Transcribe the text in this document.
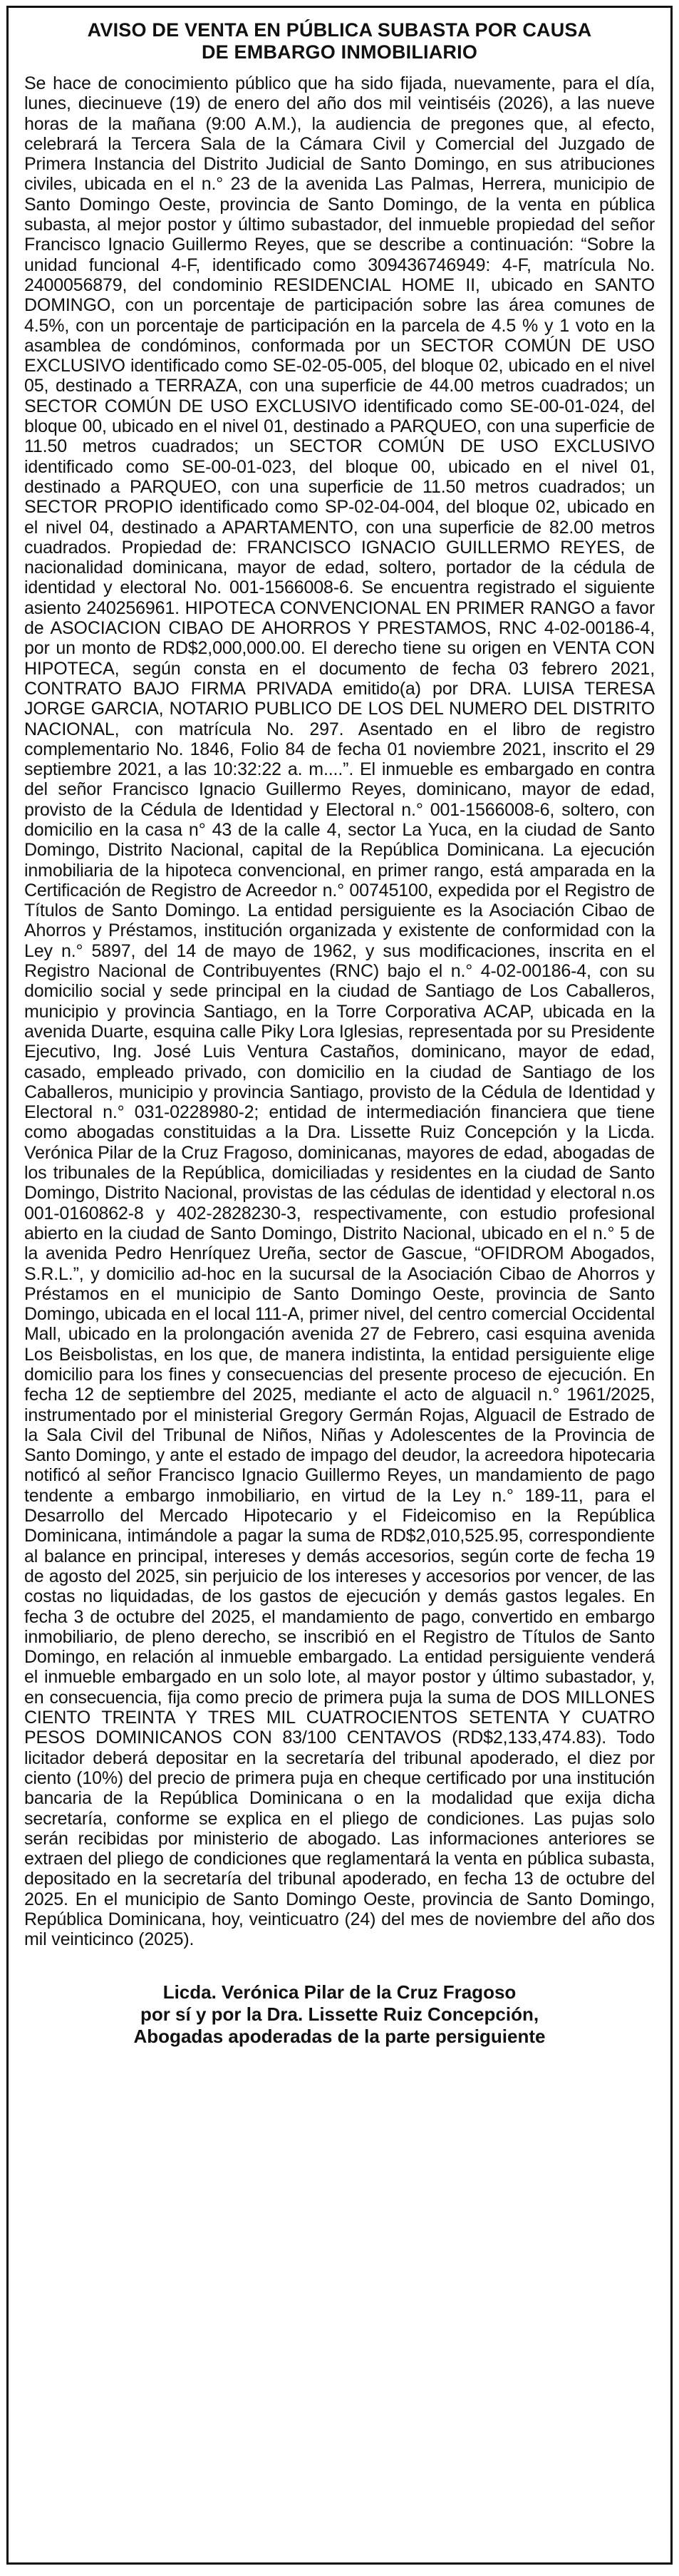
AVISO DE VENTA EN PÚBLICA SUBASTA POR CAUSA
DE EMBARGO INMOBILIARIO

Se hace de conocimiento público que ha sido fijada, nuevamente, para el día, lunes, diecinueve (19) de enero del año dos mil veintiséis (2026), a las nueve horas de la mañana (9:00 A.M.), la audiencia de pregones que, al efecto, celebrará la Tercera Sala de la Cámara Civil y Comercial del Juzgado de Primera Instancia del Distrito Judicial de Santo Domingo, en sus atribuciones civiles, ubicada en el n.° 23 de la avenida Las Palmas, Herrera, municipio de Santo Domingo Oeste, provincia de Santo Domingo, de la venta en pública subasta, al mejor postor y último subastador, del inmueble propiedad del señor Francisco Ignacio Guillermo Reyes, que se describe a continuación: “Sobre la unidad funcional 4-F, identificado como 309436746949: 4-F, matrícula No. 2400056879, del condominio RESIDENCIAL HOME II, ubicado en SANTO DOMINGO, con un porcentaje de participación sobre las área comunes de 4.5%, con un porcentaje de participación en la parcela de 4.5 % y 1 voto en la asamblea de condóminos, conformada por un SECTOR COMÚN DE USO EXCLUSIVO identificado como SE-02-05-005, del bloque 02, ubicado en el nivel 05, destinado a TERRAZA, con una superficie de 44.00 metros cuadrados; un SECTOR COMÚN DE USO EXCLUSIVO identificado como SE-00-01-024, del bloque 00, ubicado en el nivel 01, destinado a PARQUEO, con una superficie de 11.50 metros cuadrados; un SECTOR COMÚN DE USO EXCLUSIVO identificado como SE-00-01-023, del bloque 00, ubicado en el nivel 01, destinado a PARQUEO, con una superficie de 11.50 metros cuadrados; un SECTOR PROPIO identificado como SP-02-04-004, del bloque 02, ubicado en el nivel 04, destinado a APARTAMENTO, con una superficie de 82.00 metros cuadrados. Propiedad de: FRANCISCO IGNACIO GUILLERMO REYES, de nacionalidad dominicana, mayor de edad, soltero, portador de la cédula de identidad y electoral No. 001-1566008-6. Se encuentra registrado el siguiente asiento 240256961. HIPOTECA CONVENCIONAL EN PRIMER RANGO a favor de ASOCIACION CIBAO DE AHORROS Y PRESTAMOS, RNC 4-02-00186-4, por un monto de RD$2,000,000.00. El derecho tiene su origen en VENTA CON HIPOTECA, según consta en el documento de fecha 03 febrero 2021, CONTRATO BAJO FIRMA PRIVADA emitido(a) por DRA. LUISA TERESA JORGE GARCIA, NOTARIO PUBLICO DE LOS DEL NUMERO DEL DISTRITO NACIONAL, con matrícula No. 297. Asentado en el libro de registro complementario No. 1846, Folio 84 de fecha 01 noviembre 2021, inscrito el 29 septiembre 2021, a las 10:32:22 a. m....”. El inmueble es embargado en contra del señor Francisco Ignacio Guillermo Reyes, dominicano, mayor de edad, provisto de la Cédula de Identidad y Electoral n.° 001-1566008-6, soltero, con domicilio en la casa n° 43 de la calle 4, sector La Yuca, en la ciudad de Santo Domingo, Distrito Nacional, capital de la República Dominicana. La ejecución inmobiliaria de la hipoteca convencional, en primer rango, está amparada en la Certificación de Registro de Acreedor n.° 00745100, expedida por el Registro de Títulos de Santo Domingo. La entidad persiguiente es la Asociación Cibao de Ahorros y Préstamos, institución organizada y existente de conformidad con la Ley n.° 5897, del 14 de mayo de 1962, y sus modificaciones, inscrita en el Registro Nacional de Contribuyentes (RNC) bajo el n.° 4-02-00186-4, con su domicilio social y sede principal en la ciudad de Santiago de Los Caballeros, municipio y provincia Santiago, en la Torre Corporativa ACAP, ubicada en la avenida Duarte, esquina calle Piky Lora Iglesias, representada por su Presidente Ejecutivo, Ing. José Luis Ventura Castaños, dominicano, mayor de edad, casado, empleado privado, con domicilio en la ciudad de Santiago de los Caballeros, municipio y provincia Santiago, provisto de la Cédula de Identidad y Electoral n.° 031-0228980-2; entidad de intermediación financiera que tiene como abogadas constituidas a la Dra. Lissette Ruiz Concepción y la Licda. Verónica Pilar de la Cruz Fragoso, dominicanas, mayores de edad, abogadas de los tribunales de la República, domiciliadas y residentes en la ciudad de Santo Domingo, Distrito Nacional, provistas de las cédulas de identidad y electoral n.os 001-0160862-8 y 402-2828230-3, respectivamente, con estudio profesional abierto en la ciudad de Santo Domingo, Distrito Nacional, ubicado en el n.° 5 de la avenida Pedro Henríquez Ureña, sector de Gascue, “OFIDROM Abogados, S.R.L.”, y domicilio ad-hoc en la sucursal de la Asociación Cibao de Ahorros y Préstamos en el municipio de Santo Domingo Oeste, provincia de Santo Domingo, ubicada en el local 111-A, primer nivel, del centro comercial Occidental Mall, ubicado en la prolongación avenida 27 de Febrero, casi esquina avenida Los Beisbolistas, en los que, de manera indistinta, la entidad persiguiente elige domicilio para los fines y consecuencias del presente proceso de ejecución. En fecha 12 de septiembre del 2025, mediante el acto de alguacil n.° 1961/2025, instrumentado por el ministerial Gregory Germán Rojas, Alguacil de Estrado de la Sala Civil del Tribunal de Niños, Niñas y Adolescentes de la Provincia de Santo Domingo, y ante el estado de impago del deudor, la acreedora hipotecaria notificó al señor Francisco Ignacio Guillermo Reyes, un mandamiento de pago tendente a embargo inmobiliario, en virtud de la Ley n.° 189-11, para el Desarrollo del Mercado Hipotecario y el Fideicomiso en la República Dominicana, intimándole a pagar la suma de RD$2,010,525.95, correspondiente al balance en principal, intereses y demás accesorios, según corte de fecha 19 de agosto del 2025, sin perjuicio de los intereses y accesorios por vencer, de las costas no liquidadas, de los gastos de ejecución y demás gastos legales. En fecha 3 de octubre del 2025, el mandamiento de pago, convertido en embargo inmobiliario, de pleno derecho, se inscribió en el Registro de Títulos de Santo Domingo, en relación al inmueble embargado. La entidad persiguiente venderá el inmueble embargado en un solo lote, al mayor postor y último subastador, y, en consecuencia, fija como precio de primera puja la suma de DOS MILLONES CIENTO TREINTA Y TRES MIL CUATROCIENTOS SETENTA Y CUATRO PESOS DOMINICANOS CON 83/100 CENTAVOS (RD$2,133,474.83). Todo licitador deberá depositar en la secretaría del tribunal apoderado, el diez por ciento (10%) del precio de primera puja en cheque certificado por una institución bancaria de la República Dominicana o en la modalidad que exija dicha secretaría, conforme se explica en el pliego de condiciones. Las pujas solo serán recibidas por ministerio de abogado. Las informaciones anteriores se extraen del pliego de condiciones que reglamentará la venta en pública subasta, depositado en la secretaría del tribunal apoderado, en fecha 13 de octubre del 2025. En el municipio de Santo Domingo Oeste, provincia de Santo Domingo, República Dominicana, hoy, veinticuatro (24) del mes de noviembre del año dos mil veinticinco (2025).

Licda. Verónica Pilar de la Cruz Fragoso
por sí y por la Dra. Lissette Ruiz Concepción,
Abogadas apoderadas de la parte persiguiente
